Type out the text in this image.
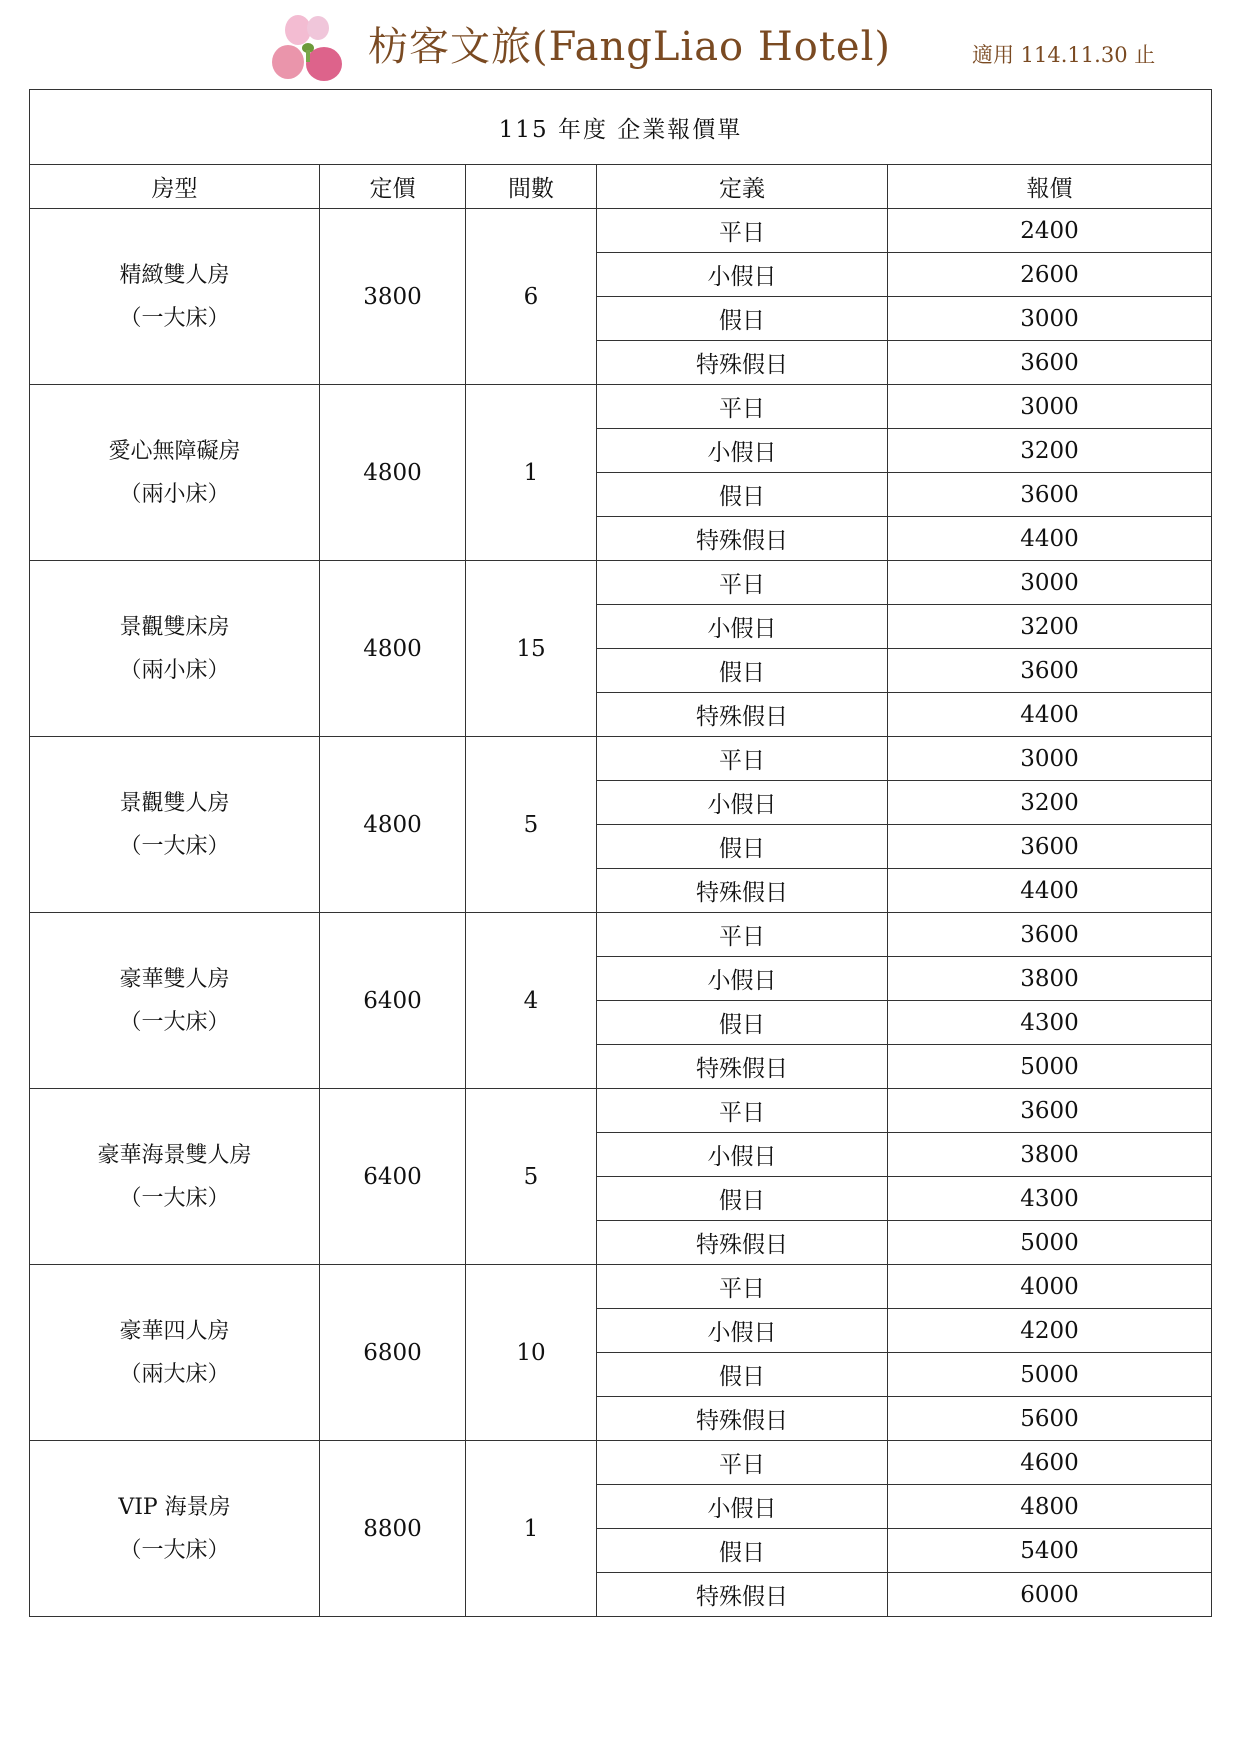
枋客文旅(FangLiao Hotel)	適用 114.11.30 止
115 年度 企業報價單				
房型	定價	間數	定義	報價

精緻雙人房
（一大床）	3800	6	平日	2400
			小假日	2600
			假日	3000
			特殊假日	3600

愛心無障礙房
（兩小床）	4800	1	平日	3000
			小假日	3200
			假日	3600
			特殊假日	4400

景觀雙床房
（兩小床）	4800	15	平日	3000
			小假日	3200
			假日	3600
			特殊假日	4400

景觀雙人房
（一大床）	4800	5	平日	3000
			小假日	3200
			假日	3600
			特殊假日	4400

豪華雙人房
（一大床）	6400	4	平日	3600
			小假日	3800
			假日	4300
			特殊假日	5000

豪華海景雙人房
（一大床）	6400	5	平日	3600
			小假日	3800
			假日	4300
			特殊假日	5000

豪華四人房
（兩大床）	6800	10	平日	4000
			小假日	4200
			假日	5000
			特殊假日	5600

VIP 海景房
（一大床）	8800	1	平日	4600
			小假日	4800
			假日	5400
			特殊假日	6000
